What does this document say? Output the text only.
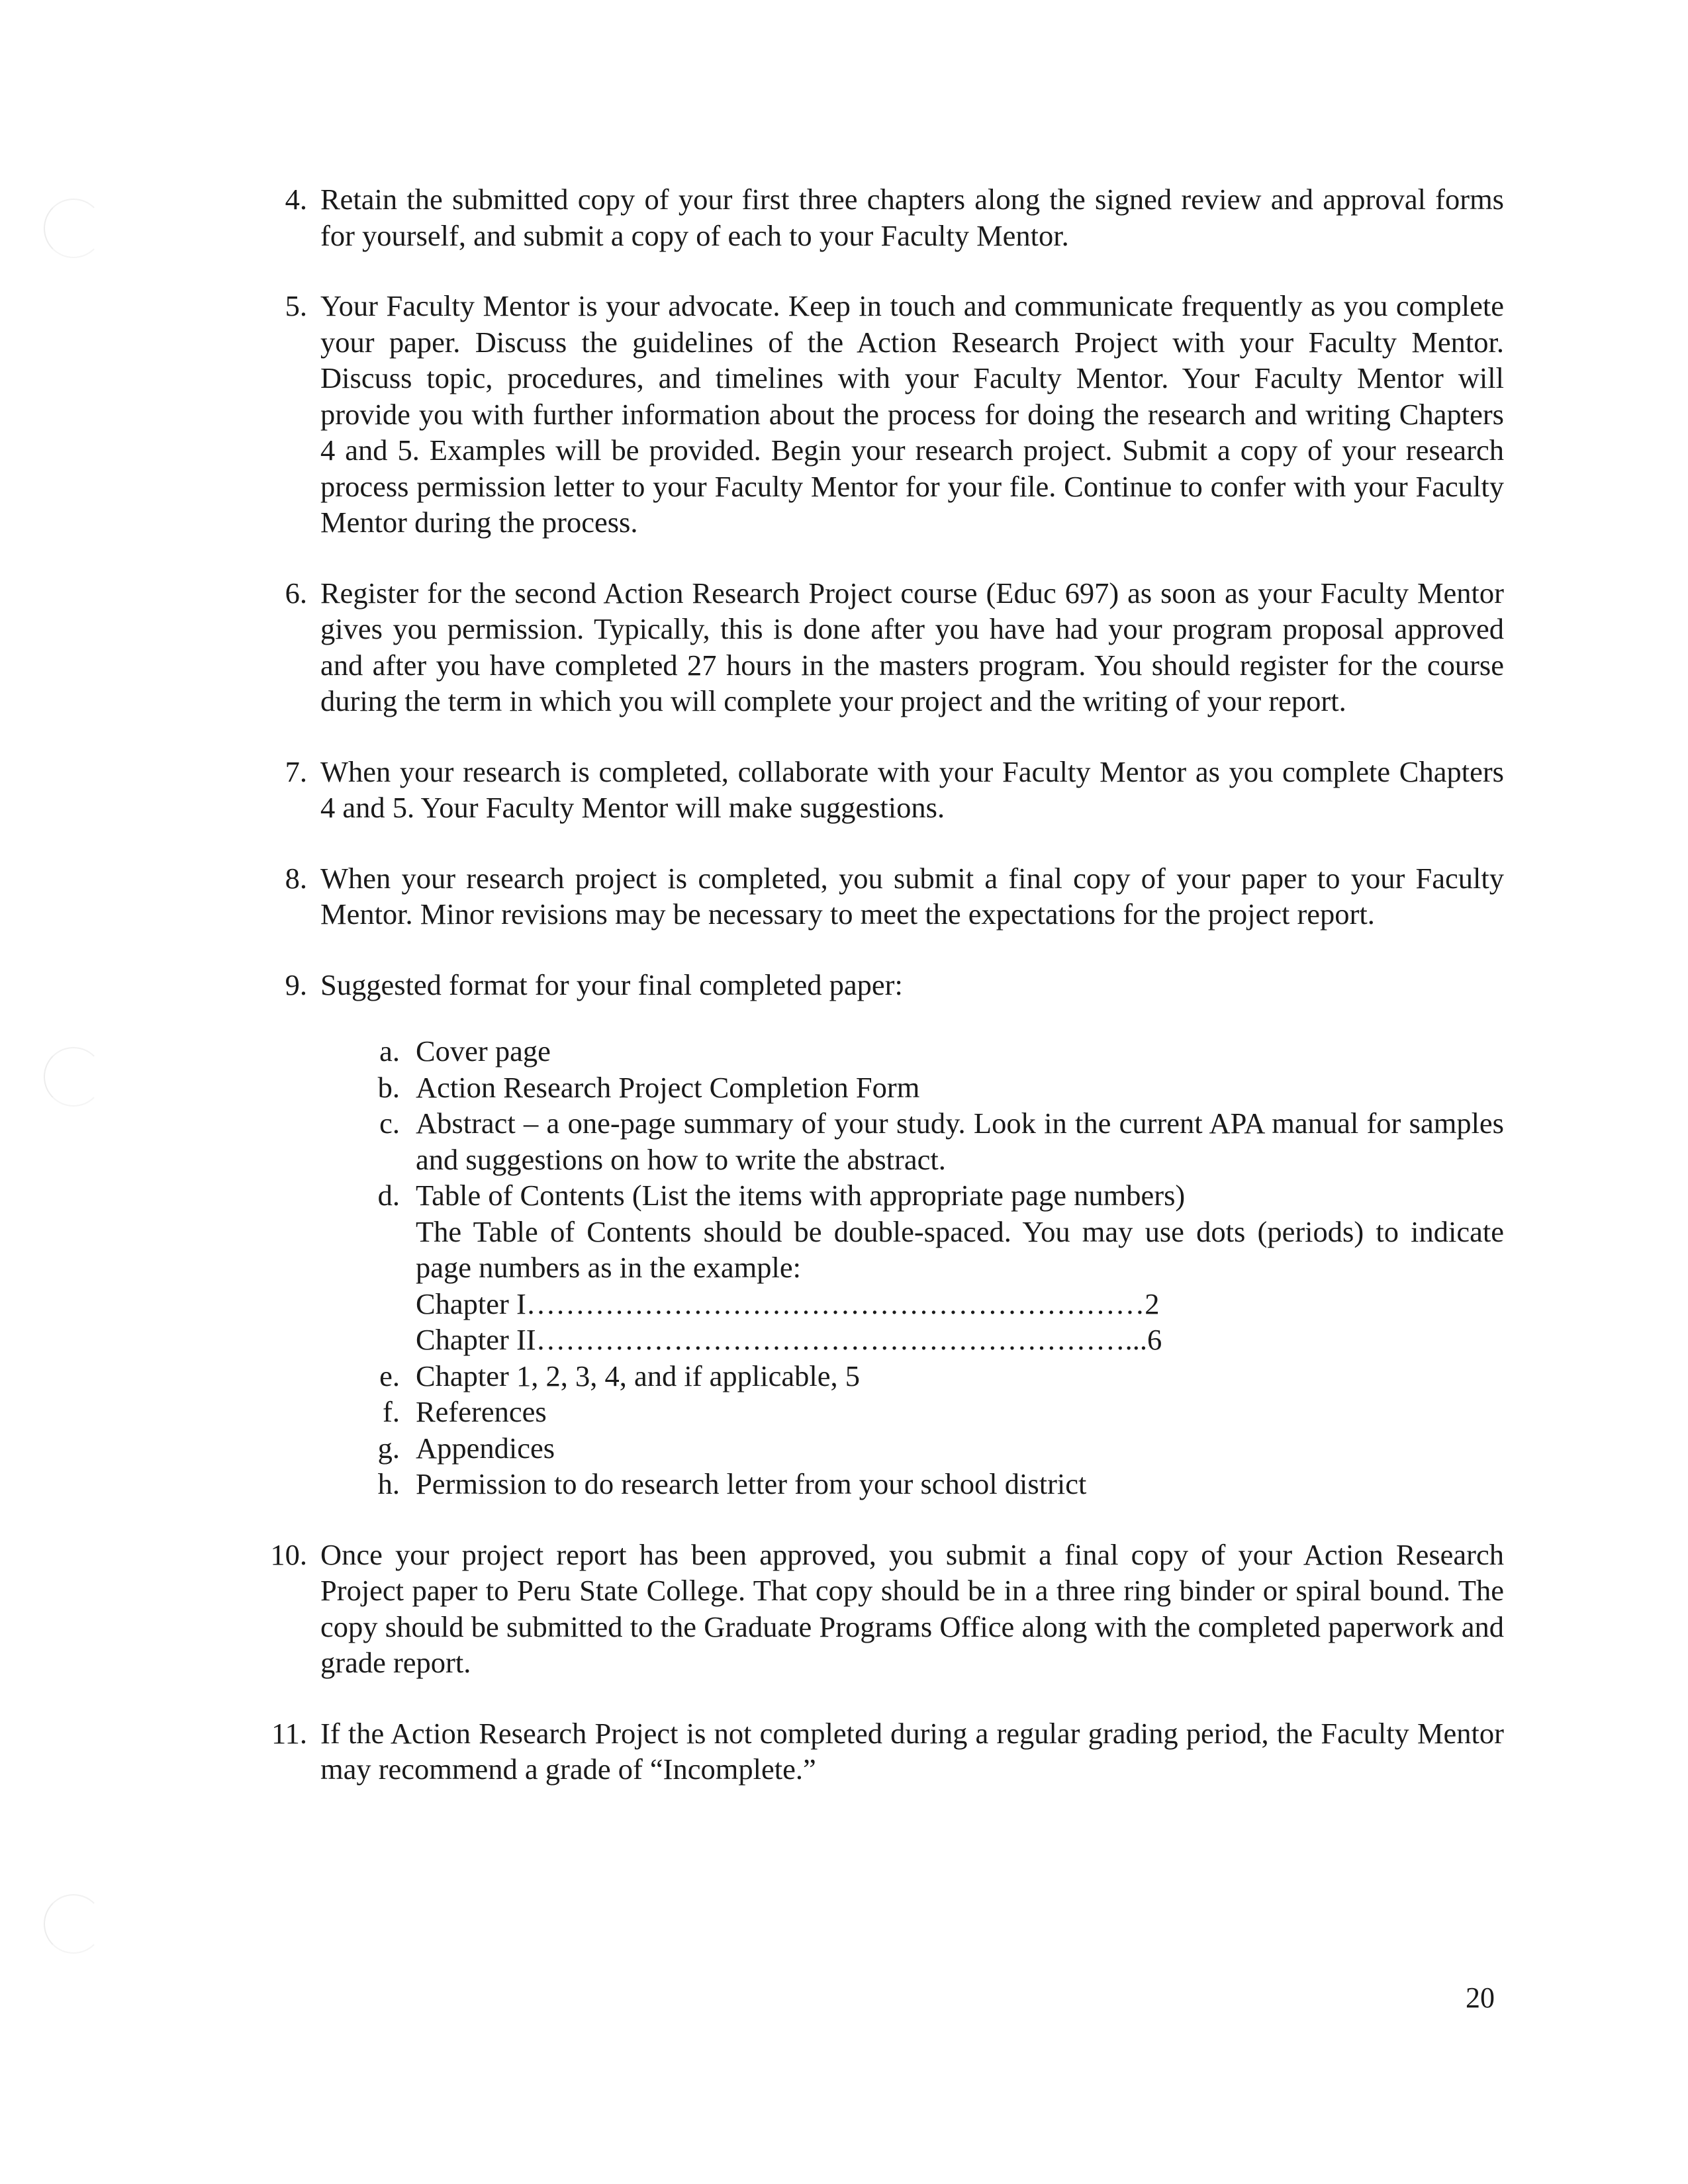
4. Retain the submitted copy of your first three chapters along the signed review and approval forms for yourself, and submit a copy of each to your Faculty Mentor.
5. Your Faculty Mentor is your advocate. Keep in touch and communicate frequently as you complete your paper. Discuss the guidelines of the Action Research Project with your Faculty Mentor. Discuss topic, procedures, and timelines with your Faculty Mentor. Your Faculty Mentor will provide you with further information about the process for doing the research and writing Chapters 4 and 5. Examples will be provided. Begin your research project. Submit a copy of your research process permission letter to your Faculty Mentor for your file. Continue to confer with your Faculty Mentor during the process.
6. Register for the second Action Research Project course (Educ 697) as soon as your Faculty Mentor gives you permission. Typically, this is done after you have had your program proposal approved and after you have completed 27 hours in the masters program. You should register for the course during the term in which you will complete your project and the writing of your report.
7. When your research is completed, collaborate with your Faculty Mentor as you complete Chapters 4 and 5. Your Faculty Mentor will make suggestions.
8. When your research project is completed, you submit a final copy of your paper to your Faculty Mentor. Minor revisions may be necessary to meet the expectations for the project report.
9. Suggested format for your final completed paper:
a. Cover page
b. Action Research Project Completion Form
c. Abstract – a one-page summary of your study. Look in the current APA manual for samples and suggestions on how to write the abstract.
d. Table of Contents (List the items with appropriate page numbers)
The Table of Contents should be double-spaced. You may use dots (periods) to indicate page numbers as in the example:
Chapter I………………………………………………………2
Chapter II……………………………………………………...6
e. Chapter 1, 2, 3, 4, and if applicable, 5
f. References
g. Appendices
h. Permission to do research letter from your school district
10. Once your project report has been approved, you submit a final copy of your Action Research Project paper to Peru State College. That copy should be in a three ring binder or spiral bound. The copy should be submitted to the Graduate Programs Office along with the completed paperwork and grade report.
11. If the Action Research Project is not completed during a regular grading period, the Faculty Mentor may recommend a grade of “Incomplete.”
20
